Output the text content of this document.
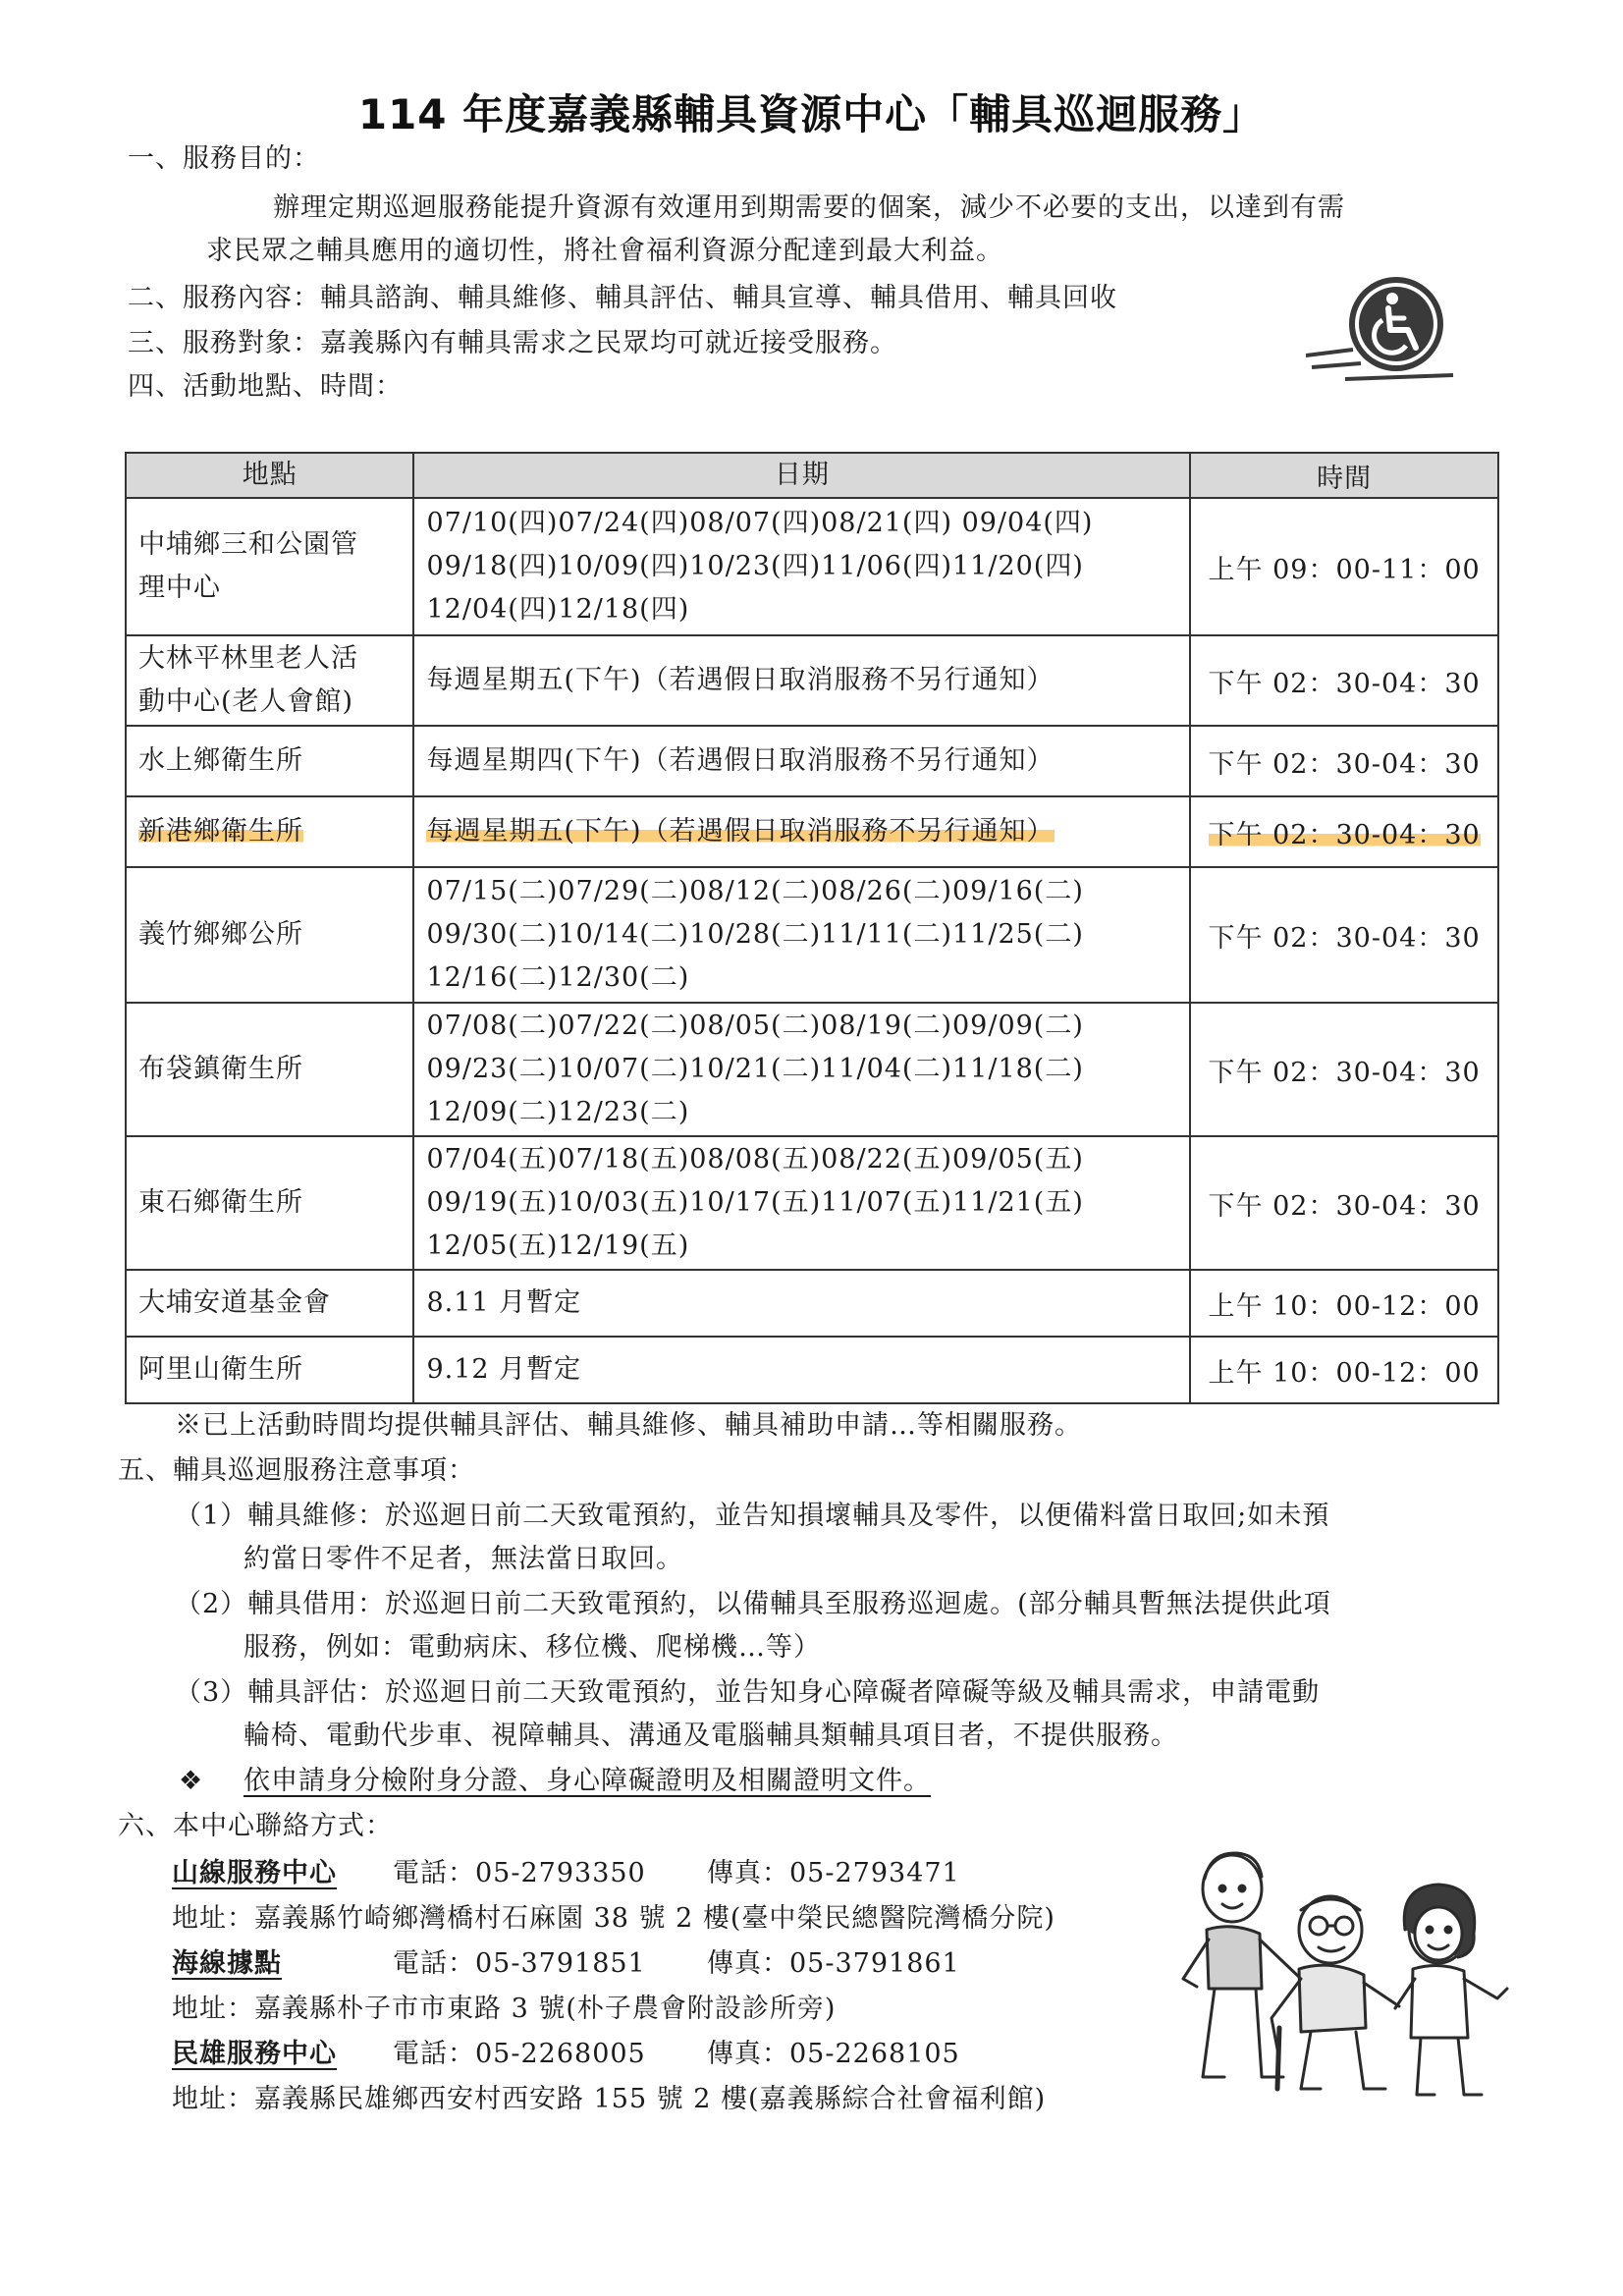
114 年度嘉義縣輔具資源中心「輔具巡迴服務」
一、服務目的：
辦理定期巡迴服務能提升資源有效運用到期需要的個案，減少不必要的支出，以達到有需
求民眾之輔具應用的適切性，將社會福利資源分配達到最大利益。
二、服務內容：輔具諮詢、輔具維修、輔具評估、輔具宣導、輔具借用、輔具回收
三、服務對象：嘉義縣內有輔具需求之民眾均可就近接受服務。
四、活動地點、時間：
地點	日期	時間
中埔鄉三和公園管
理中心	07/10(四)07/24(四)08/07(四)08/21(四) 09/04(四)
09/18(四)10/09(四)10/23(四)11/06(四)11/20(四)
12/04(四)12/18(四)	上午 09：00-11：00
大林平林里老人活
動中心(老人會館)	每週星期五(下午)（若遇假日取消服務不另行通知）	下午 02：30-04：30
水上鄉衛生所	每週星期四(下午)（若遇假日取消服務不另行通知）	下午 02：30-04：30
新港鄉衛生所	每週星期五(下午)（若遇假日取消服務不另行通知）	下午 02：30-04：30
義竹鄉鄉公所	07/15(二)07/29(二)08/12(二)08/26(二)09/16(二)
09/30(二)10/14(二)10/28(二)11/11(二)11/25(二)
12/16(二)12/30(二)	下午 02：30-04：30
布袋鎮衛生所	07/08(二)07/22(二)08/05(二)08/19(二)09/09(二)
09/23(二)10/07(二)10/21(二)11/04(二)11/18(二)
12/09(二)12/23(二)	下午 02：30-04：30
東石鄉衛生所	07/04(五)07/18(五)08/08(五)08/22(五)09/05(五)
09/19(五)10/03(五)10/17(五)11/07(五)11/21(五)
12/05(五)12/19(五)	下午 02：30-04：30
大埔安道基金會	8.11 月暫定	上午 10：00-12：00
阿里山衛生所	9.12 月暫定	上午 10：00-12：00
※已上活動時間均提供輔具評估、輔具維修、輔具補助申請…等相關服務。
五、輔具巡迴服務注意事項：
（1）輔具維修：於巡迴日前二天致電預約，並告知損壞輔具及零件，以便備料當日取回;如未預
約當日零件不足者，無法當日取回。
（2）輔具借用：於巡迴日前二天致電預約，以備輔具至服務巡迴處。(部分輔具暫無法提供此項
服務，例如：電動病床、移位機、爬梯機…等）
（3）輔具評估：於巡迴日前二天致電預約，並告知身心障礙者障礙等級及輔具需求，申請電動
輪椅、電動代步車、視障輔具、溝通及電腦輔具類輔具項目者，不提供服務。
❖ 依申請身分檢附身分證、身心障礙證明及相關證明文件。
六、本中心聯絡方式：
山線服務中心 電話：05-2793350 傳真：05-2793471
地址：嘉義縣竹崎鄉灣橋村石麻園 38 號 2 樓(臺中榮民總醫院灣橋分院)
海線據點	電話：05-3791851 傳真：05-3791861
地址：嘉義縣朴子市市東路 3 號(朴子農會附設診所旁)
民雄服務中心 電話：05-2268005 傳真：05-2268105
地址：嘉義縣民雄鄉西安村西安路 155 號 2 樓(嘉義縣綜合社會福利館)
